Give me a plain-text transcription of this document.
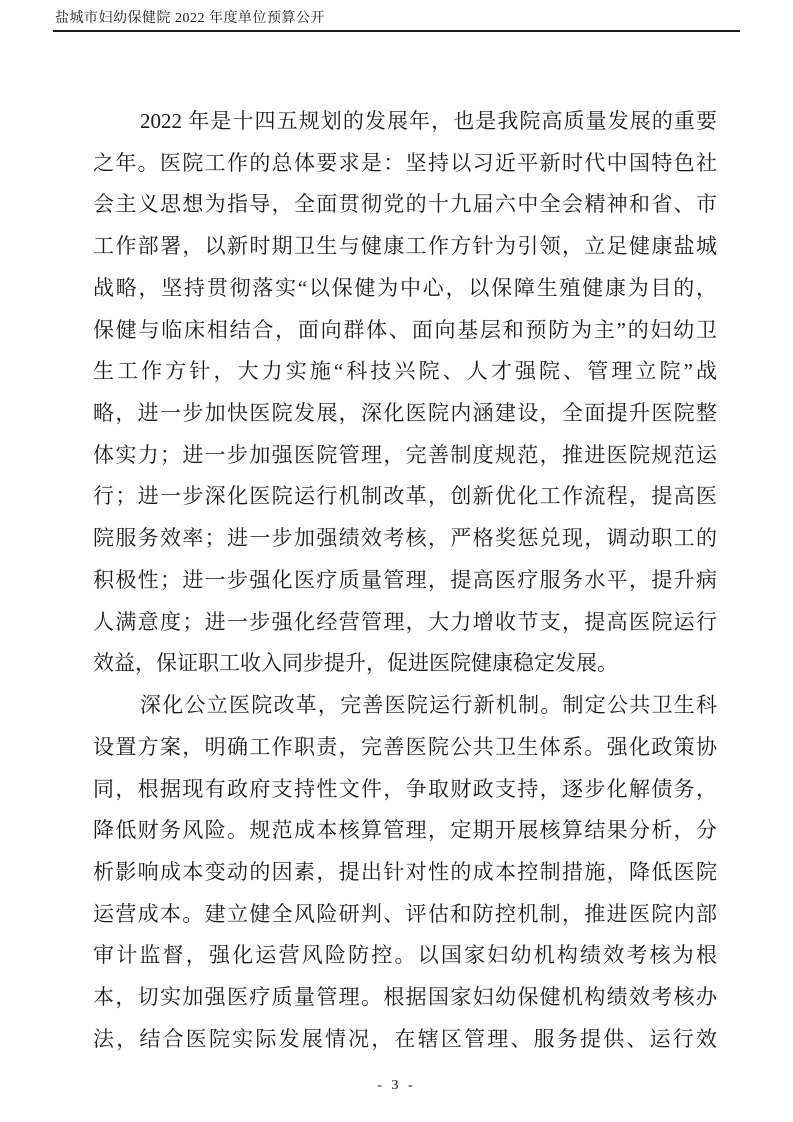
盐城市妇幼保健院 2022 年度单位预算公开
2022 年是十四五规划的发展年，也是我院高质量发展的重要
之年。医院工作的总体要求是：坚持以习近平新时代中国特色社
会主义思想为指导，全面贯彻党的十九届六中全会精神和省、市
工作部署，以新时期卫生与健康工作方针为引领，立足健康盐城
战略，坚持贯彻落实“以保健为中心，以保障生殖健康为目的，
保健与临床相结合，面向群体、面向基层和预防为主”的妇幼卫
生工作方针，大力实施“科技兴院、人才强院、管理立院”战
略，进一步加快医院发展，深化医院内涵建设，全面提升医院整
体实力；进一步加强医院管理，完善制度规范，推进医院规范运
行；进一步深化医院运行机制改革，创新优化工作流程，提高医
院服务效率；进一步加强绩效考核，严格奖惩兑现，调动职工的
积极性；进一步强化医疗质量管理，提高医疗服务水平，提升病
人满意度；进一步强化经营管理，大力增收节支，提高医院运行
效益，保证职工收入同步提升，促进医院健康稳定发展。
深化公立医院改革，完善医院运行新机制。制定公共卫生科
设置方案，明确工作职责，完善医院公共卫生体系。强化政策协
同，根据现有政府支持性文件，争取财政支持，逐步化解债务，
降低财务风险。规范成本核算管理，定期开展核算结果分析，分
析影响成本变动的因素，提出针对性的成本控制措施，降低医院
运营成本。建立健全风险研判、评估和防控机制，推进医院内部
审计监督，强化运营风险防控。以国家妇幼机构绩效考核为根
本，切实加强医疗质量管理。根据国家妇幼保健机构绩效考核办
法，结合医院实际发展情况，在辖区管理、服务提供、运行效
- 3 -
